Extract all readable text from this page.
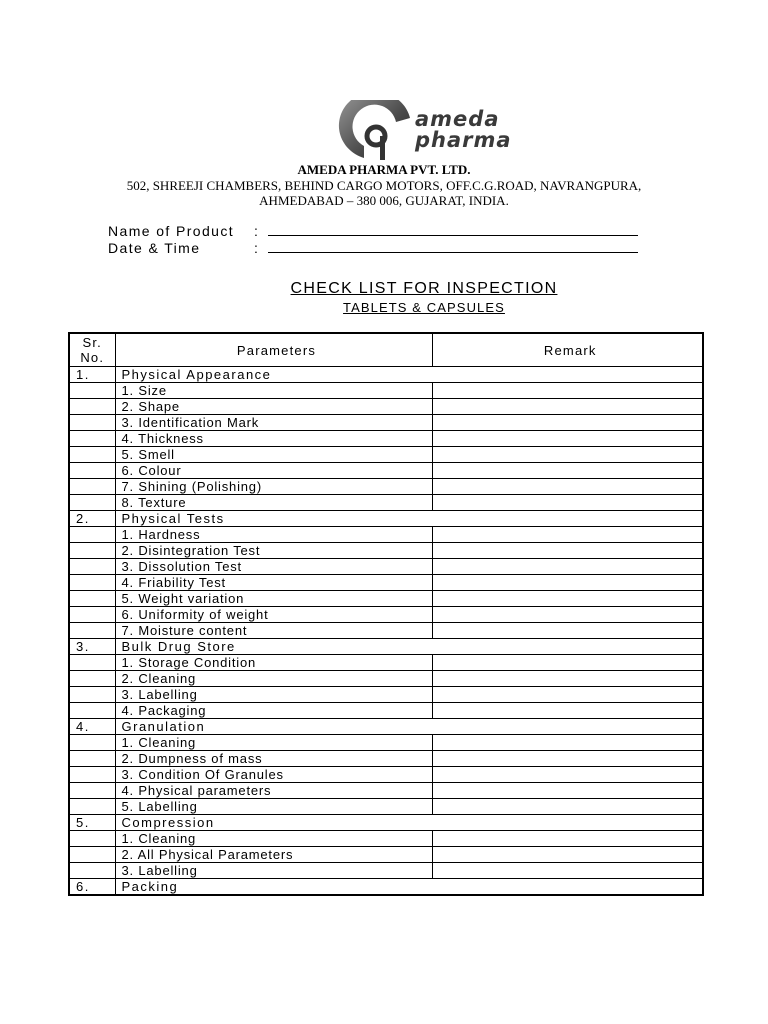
ameda
pharma
AMEDA PHARMA PVT. LTD.
502, SHREEJI CHAMBERS, BEHIND CARGO MOTORS, OFF.C.G.ROAD, NAVRANGPURA,
AHMEDABAD – 380 006, GUJARAT, INDIA.
Name of Product :
Date & Time	:
CHECK LIST FOR INSPECTION
TABLETS & CAPSULES
Sr.
No.	Parameters	Remark
1.	Physical Appearance	
	1. Size	
	2. Shape	
	3. Identification Mark	
	4. Thickness	
	5. Smell	
	6. Colour	
	7. Shining (Polishing)	
	8. Texture	
2.	Physical Tests	
	1. Hardness	
	2. Disintegration Test	
	3. Dissolution Test	
	4. Friability Test	
	5. Weight variation	
	6. Uniformity of weight	
	7. Moisture content	
3.	Bulk Drug Store	
	1. Storage Condition	
	2. Cleaning	
	3. Labelling	
	4. Packaging	
4.	Granulation	
	1. Cleaning	
	2. Dumpness of mass	
	3. Condition Of Granules	
	4. Physical parameters	
	5. Labelling	
5.	Compression	
	1. Cleaning	
	2. All Physical Parameters	
	3. Labelling	
6.	Packing	
